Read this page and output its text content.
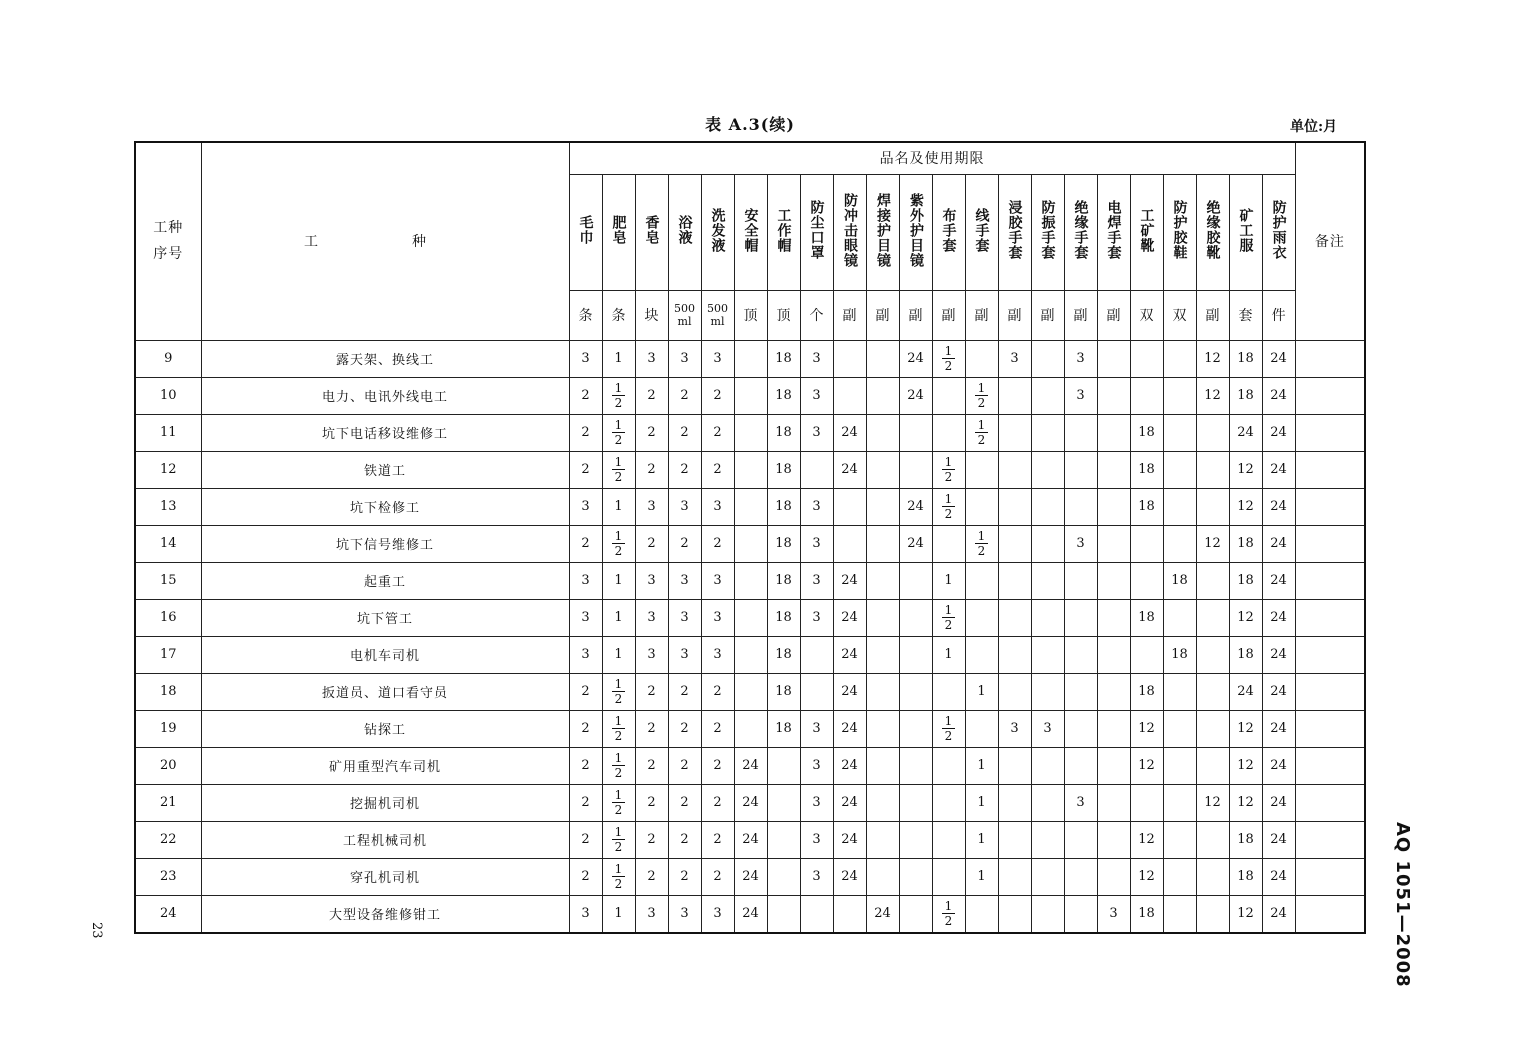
表 A.3(续)	单位:月
工种序号	工　种	品名及使用期限																						备注
		毛巾	肥皂	香皂	浴液	洗发液	安全帽	工作帽	防尘口罩	防冲击眼镜	焊接护目镜	紫外护目镜	布手套	线手套	浸胶手套	防振手套	绝缘手套	电焊手套	工矿靴	防护胶鞋	绝缘胶靴	矿工服	防护雨衣	
		条	条	块	500 ml	500 ml	顶	顶	个	副	副	副	副	副	副	副	副	副	双	双	副	套	件	
9	露天架、换线工	3	1	3	3	3		18	3			24	$\frac{1}{2}$		3		3				12	18	24	
10	电力、电讯外线电工	2	$\frac{1}{2}$	2	2	2		18	3			24		$\frac{1}{2}$			3				12	18	24	
11	坑下电话移设维修工	2	$\frac{1}{2}$	2	2	2		18	3	24				$\frac{1}{2}$					18			24	24	
12	铁道工	2	$\frac{1}{2}$	2	2	2		18		24			$\frac{1}{2}$						18			12	24	
13	坑下检修工	3	1	3	3	3		18	3			24	$\frac{1}{2}$						18			12	24	
14	坑下信号维修工	2	$\frac{1}{2}$	2	2	2		18	3			24		$\frac{1}{2}$			3				12	18	24	
15	起重工	3	1	3	3	3		18	3	24			1							18		18	24	
16	坑下管工	3	1	3	3	3		18	3	24			$\frac{1}{2}$						18			12	24	
17	电机车司机	3	1	3	3	3		18		24			1							18		18	24	
18	扳道员、道口看守员	2	$\frac{1}{2}$	2	2	2		18		24				1					18			24	24	
19	钻探工	2	$\frac{1}{2}$	2	2	2		18	3	24			$\frac{1}{2}$		3	3			12			12	24	
20	矿用重型汽车司机	2	$\frac{1}{2}$	2	2	2	24		3	24				1					12			12	24	
21	挖掘机司机	2	$\frac{1}{2}$	2	2	2	24		3	24				1			3				12	12	24	
22	工程机械司机	2	$\frac{1}{2}$	2	2	2	24		3	24				1					12			18	24	
23	穿孔机司机	2	$\frac{1}{2}$	2	2	2	24		3	24				1					12			18	24	
24	大型设备维修钳工	3	1	3	3	3	24				24		$\frac{1}{2}$					3	18			12	24	
23	AQ 1051—2008
